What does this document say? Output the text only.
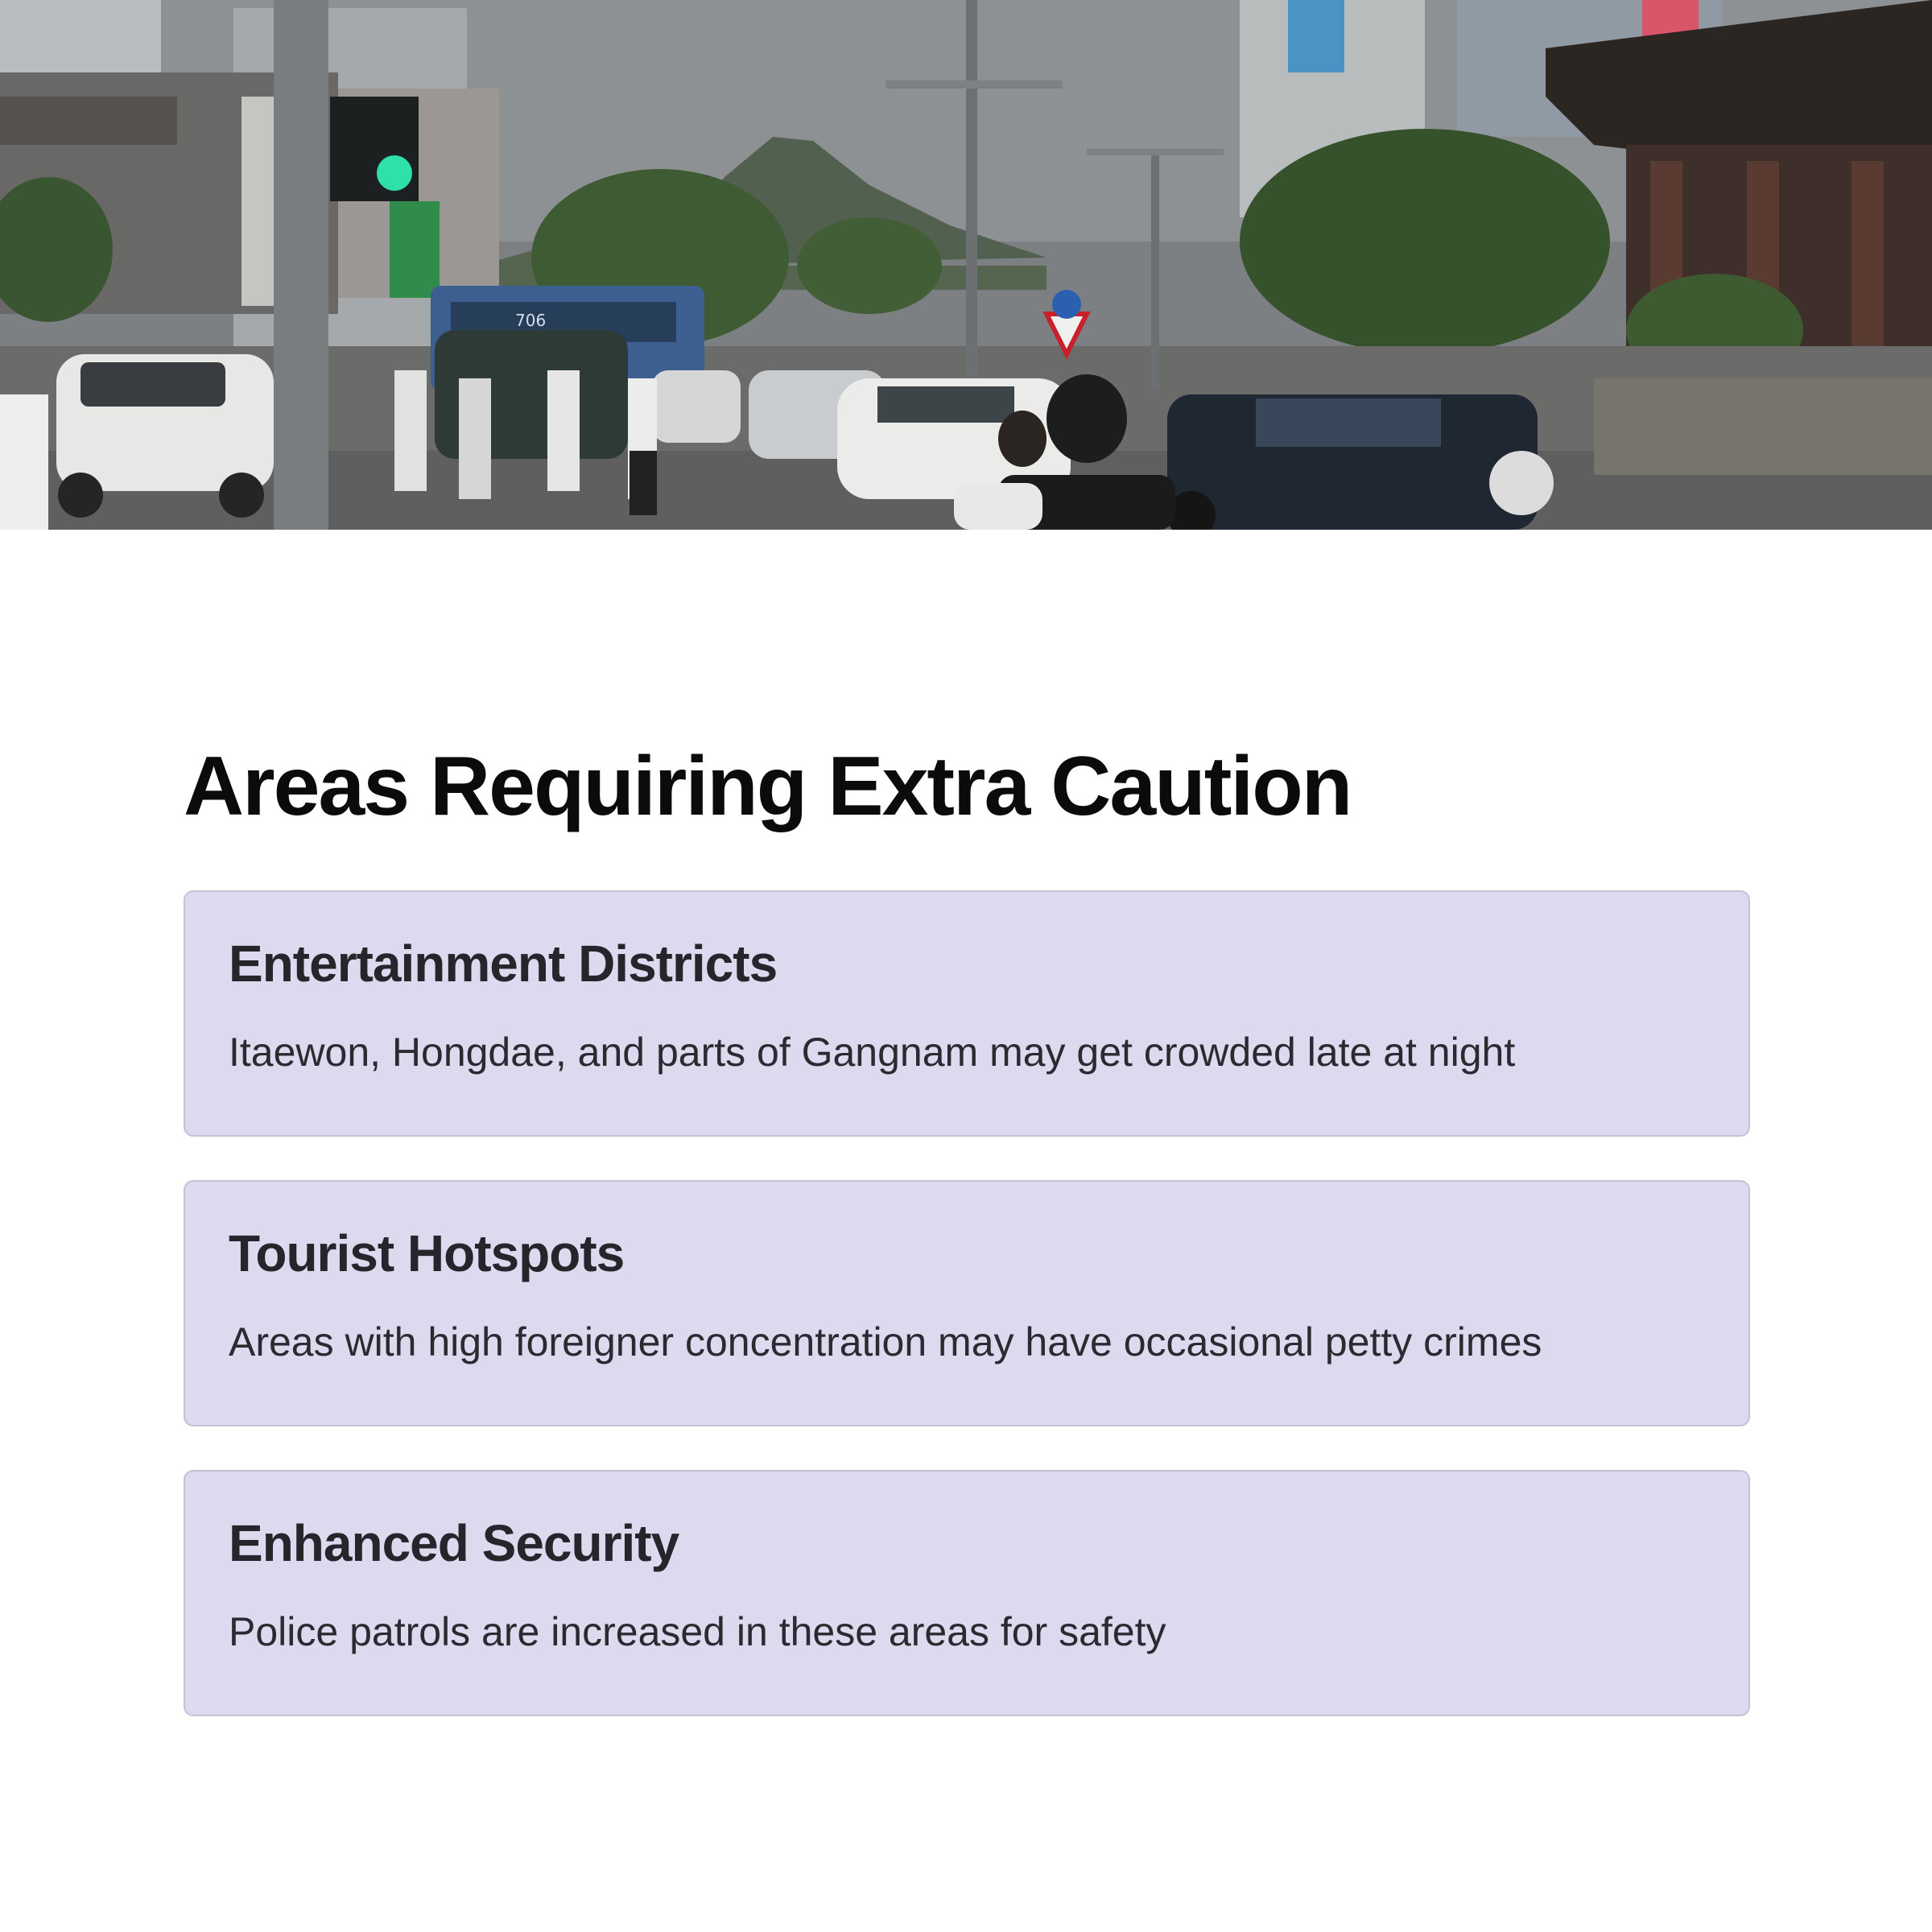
706
Areas Requiring Extra Caution
Entertainment Districts

Itaewon, Hongdae, and parts of Gangnam may get crowded late at night

Tourist Hotspots

Areas with high foreigner concentration may have occasional petty crimes

Enhanced Security

Police patrols are increased in these areas for safety
